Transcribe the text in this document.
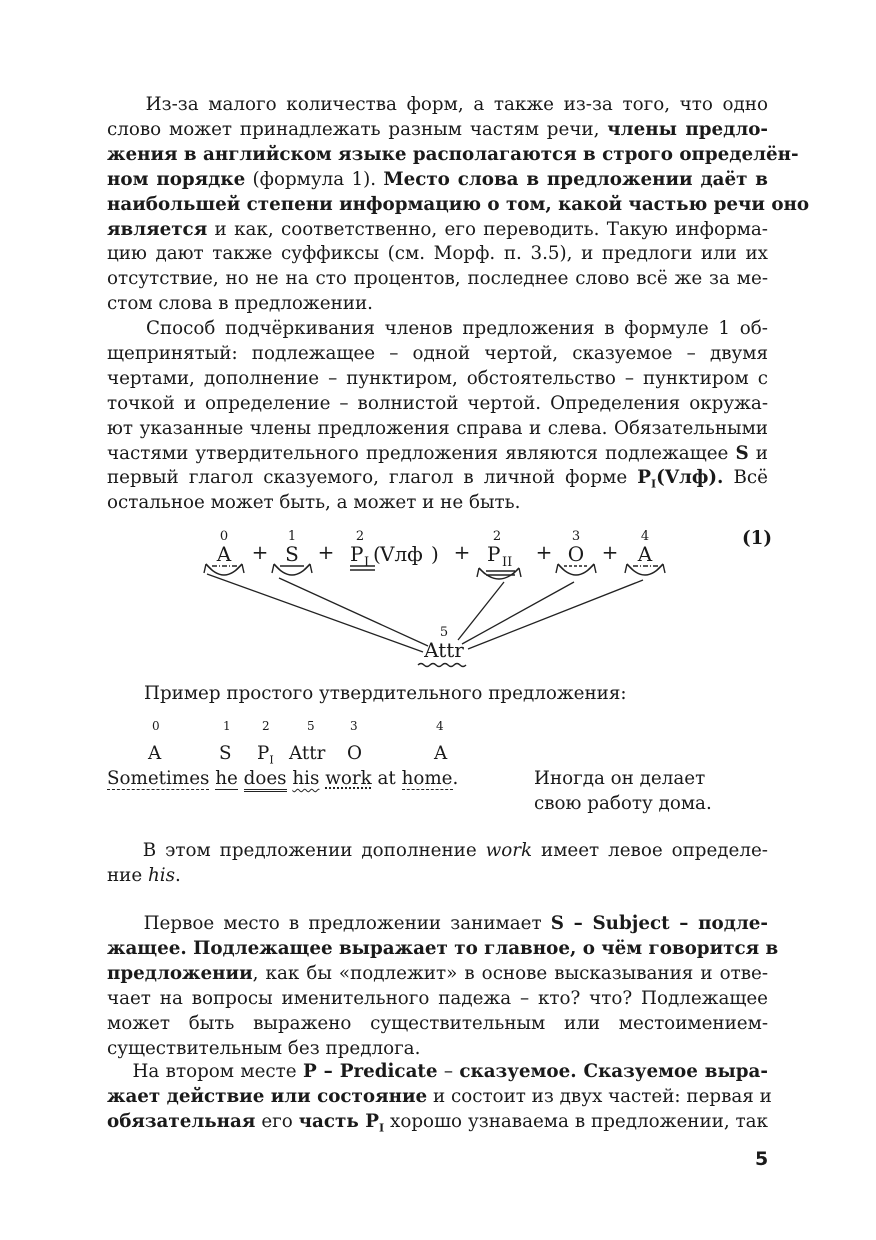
Из-за малого количества форм, а также из-за того, что одно
слово может принадлежать разным частям речи, члены предло-
жения в английском языке располагаются в строго определён-
ном порядке (формула 1). Место слова в предложении даёт в
наибольшей степени информацию о том, какой частью речи оно
является и как, соответственно, его переводить. Такую информа-
цию дают также суффиксы (см. Морф. п. 3.5), и предлоги или их
отсутствие, но не на сто процентов, последнее слово всё же за ме-
стом слова в предложении.
Способ подчёркивания членов предложения в формуле 1 об-
щепринятый: подлежащее – одной чертой, сказуемое – двумя
чертами, дополнение – пунктиром, обстоятельство – пунктиром с
точкой и определение – волнистой чертой. Определения окружа-
ют указанные члены предложения справа и слева. Обязательными
частями утвердительного предложения являются подлежащее S и
первый глагол сказуемого, глагол в личной форме $P_I(Vлф)$. Всё
остальное может быть, а может и не быть.
В этом предложении дополнение work имеет левое определе-
ние his.
Первое место в предложении занимает S – Subject – подле-
жащее. Подлежащее выражает то главное, о чём говорится в
предложении, как бы «подлежит» в основе высказывания и отве-
чает на вопросы именительного падежа – кто? что? Подлежащее
может быть выражено существительным или местоимением-
существительным без предлога.
На втором месте P – Predicate – сказуемое. Сказуемое выра-
жает действие или состояние и состоит из двух частей: первая и
обязательная его часть $P_I$ хорошо узнаваема в предложении, так
(1)
0	1	2	2	3	4
5
A + S + P I ( Vлф ) + P II + O + A
Attr
Пример простого утвердительного предложения:
0	1	2	5	3	4
A	S $P_I$ Attr O	A
Sometimes he does his work at home.	Иногда он делает
свою работу дома.
5
